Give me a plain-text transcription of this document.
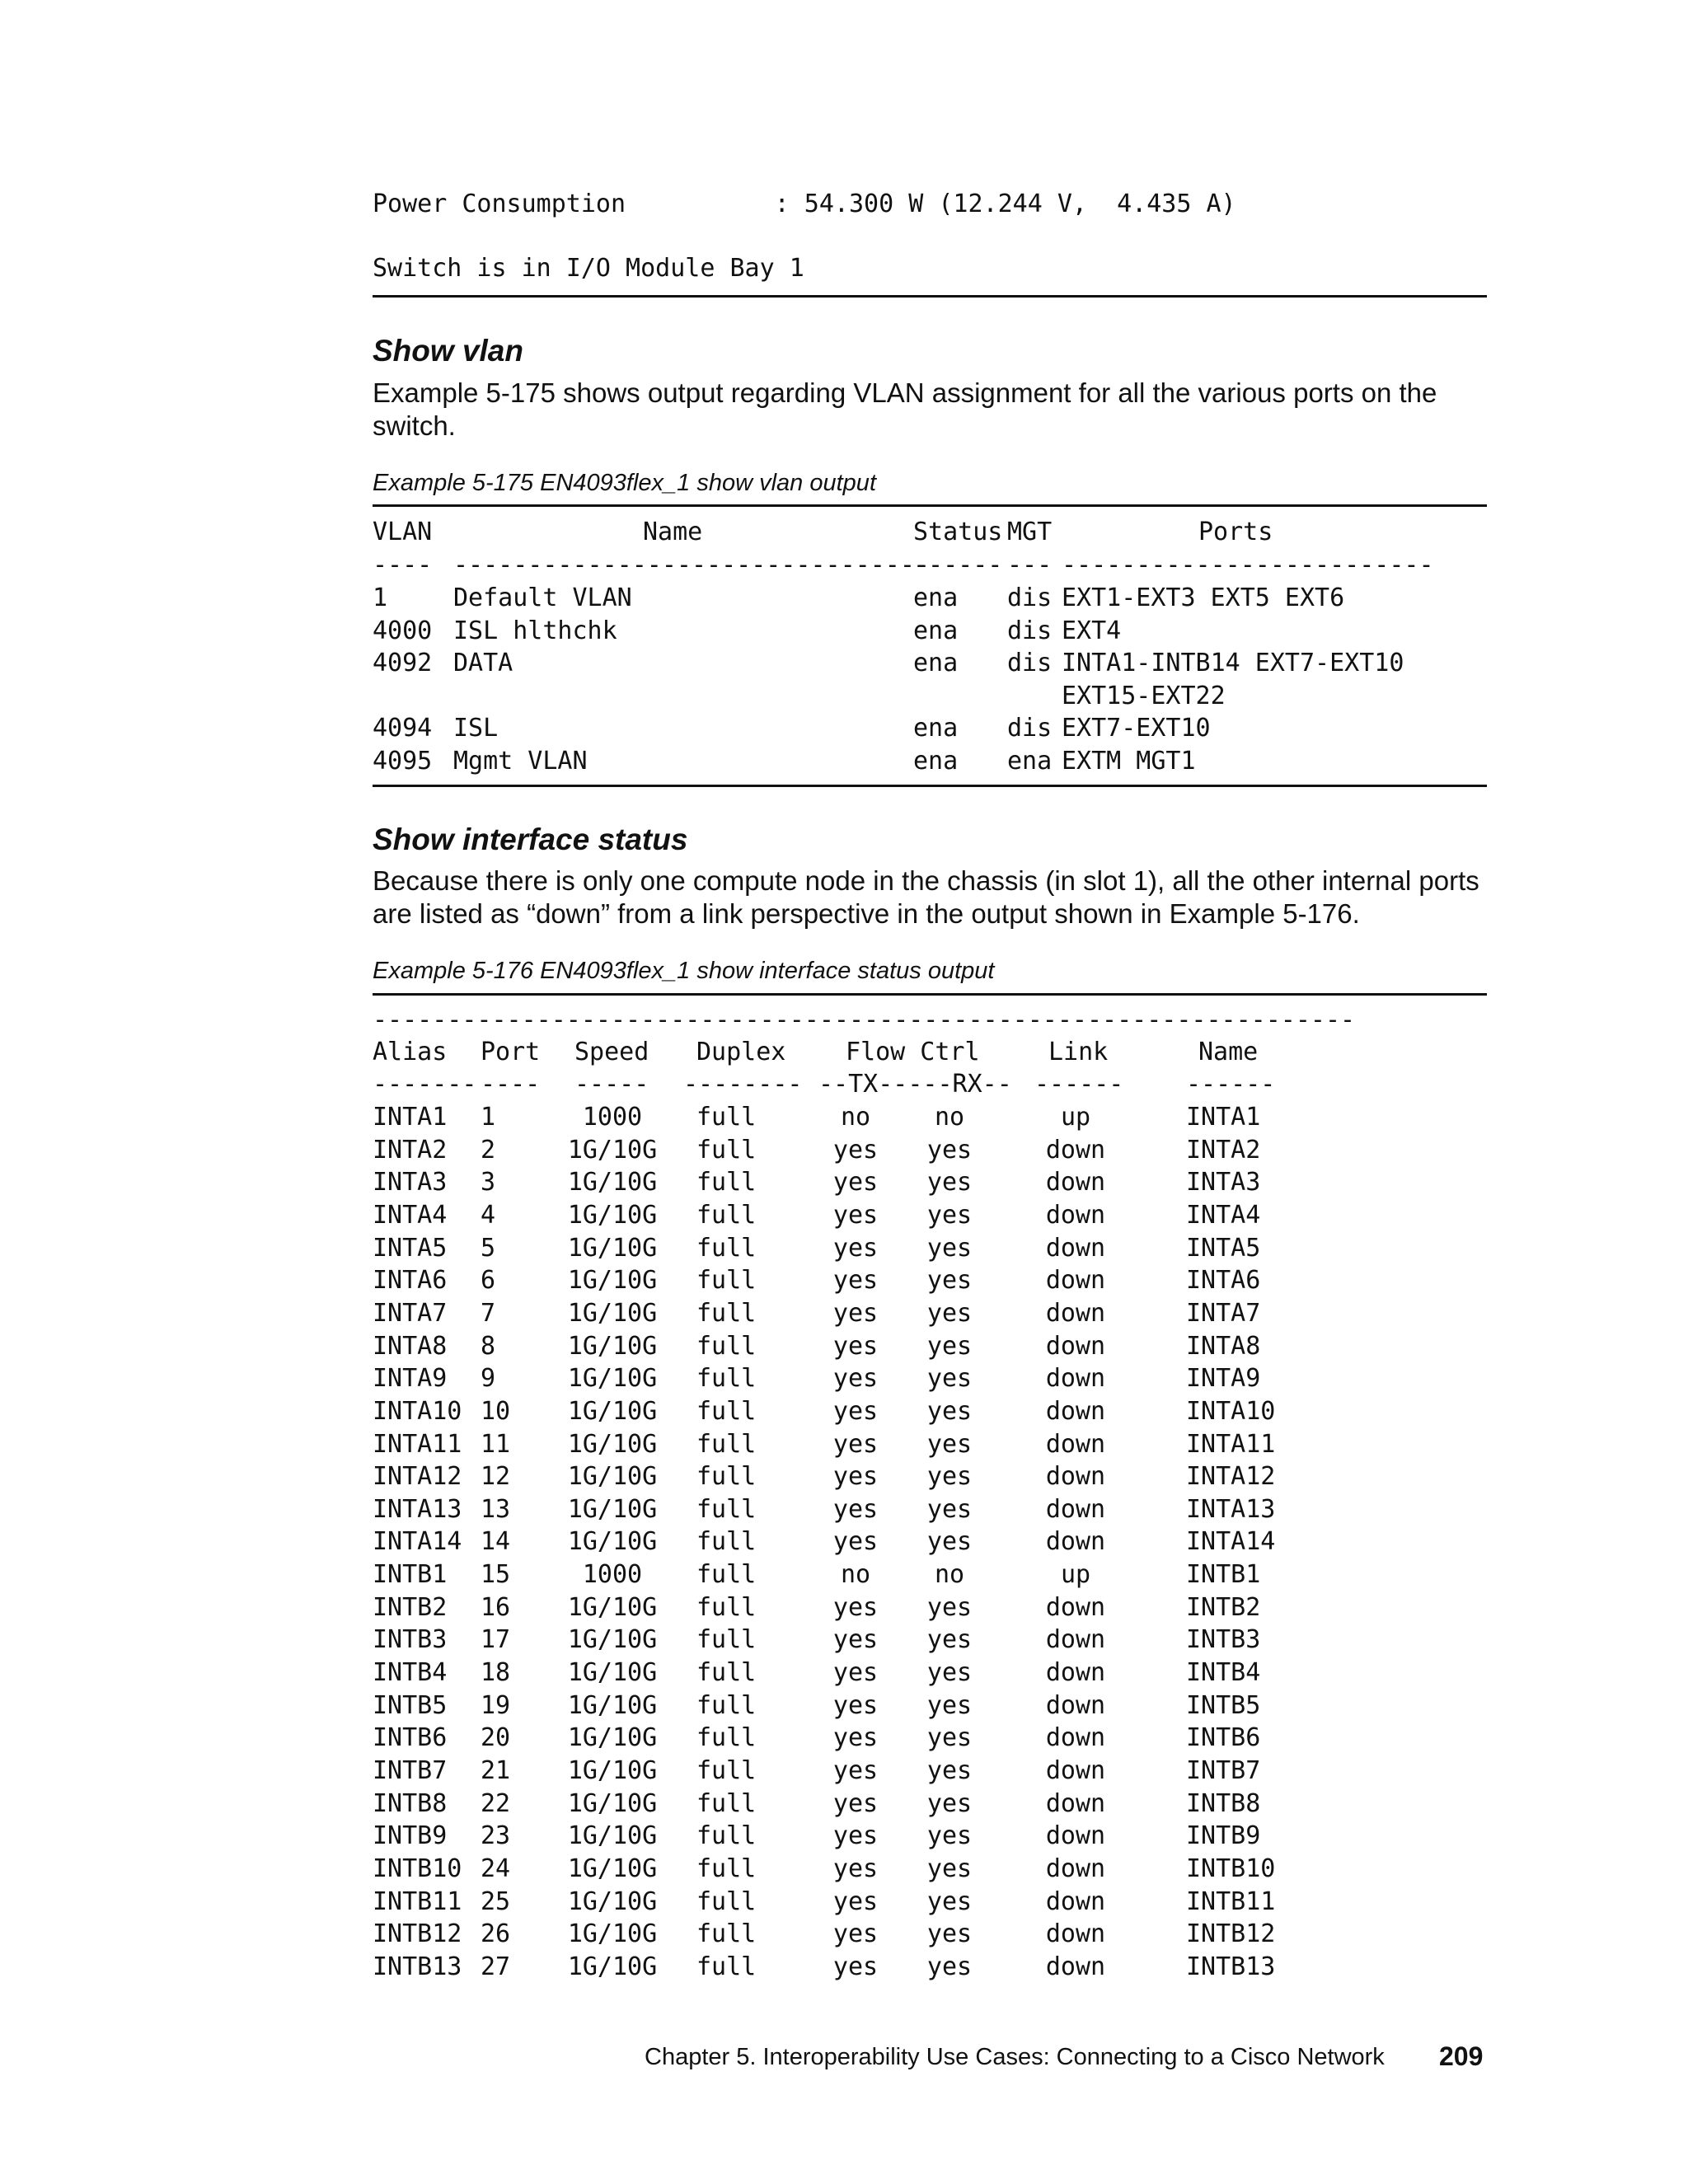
Power Consumption          : 54.300 W (12.244 V,  4.435 A)
Switch is in I/O Module Bay 1
Show vlan
Example 5-175 shows output regarding VLAN assignment for all the various ports on the switch.
Example 5-175 EN4093flex_1 show vlan output
VLAN	Name	Status MGT	Ports
---- --------------------------------
------ --- -------------------------
1	Default VLAN	ena dis EXT1-EXT3 EXT5 EXT6
4000 ISL hlthchk	ena dis EXT4
4092 DATA	ena dis INTA1-INTB14 EXT7-EXT10
EXT15-EXT22
4094 ISL	ena dis EXT7-EXT10
4095 Mgmt VLAN	ena ena EXTM MGT1
Show interface status
Because there is only one compute node in the chassis (in slot 1), all the other internal ports are listed as “down” from a link perspective in the output shown in Example 5-176.
Example 5-176 EN4093flex_1 show interface status output
------------------------------------------------------------------
Alias Port Speed Duplex Flow Ctrl	Link	Name
------- ---- ----- -------- --TX-----RX-- ------	------
INTA1 1	1000	full	no	no	up	INTA1
INTA2 2	1G/10G full	yes	yes	down	INTA2
INTA3 3	1G/10G full	yes	yes	down	INTA3
INTA4 4	1G/10G full	yes	yes	down	INTA4
INTA5 5	1G/10G full	yes	yes	down	INTA5
INTA6 6	1G/10G full	yes	yes	down	INTA6
INTA7 7	1G/10G full	yes	yes	down	INTA7
INTA8 8	1G/10G full	yes	yes	down	INTA8
INTA9 9	1G/10G full	yes	yes	down	INTA9
INTA10 10 1G/10G full	yes	yes	down	INTA10
INTA11 11 1G/10G full	yes	yes	down	INTA11
INTA12 12 1G/10G full	yes	yes	down	INTA12
INTA13 13 1G/10G full	yes	yes	down	INTA13
INTA14 14 1G/10G full	yes	yes	down	INTA14
INTB1 15	1000	full	no	no	up	INTB1
INTB2 16 1G/10G full	yes	yes	down	INTB2
INTB3 17 1G/10G full	yes	yes	down	INTB3
INTB4 18 1G/10G full	yes	yes	down	INTB4
INTB5 19 1G/10G full	yes	yes	down	INTB5
INTB6 20 1G/10G full	yes	yes	down	INTB6
INTB7 21 1G/10G full	yes	yes	down	INTB7
INTB8 22 1G/10G full	yes	yes	down	INTB8
INTB9 23 1G/10G full	yes	yes	down	INTB9
INTB10 24 1G/10G full	yes	yes	down	INTB10
INTB11 25 1G/10G full	yes	yes	down	INTB11
INTB12 26 1G/10G full	yes	yes	down	INTB12
INTB13 27 1G/10G full	yes	yes	down	INTB13
Chapter 5. Interoperability Use Cases: Connecting to a Cisco Network 209
